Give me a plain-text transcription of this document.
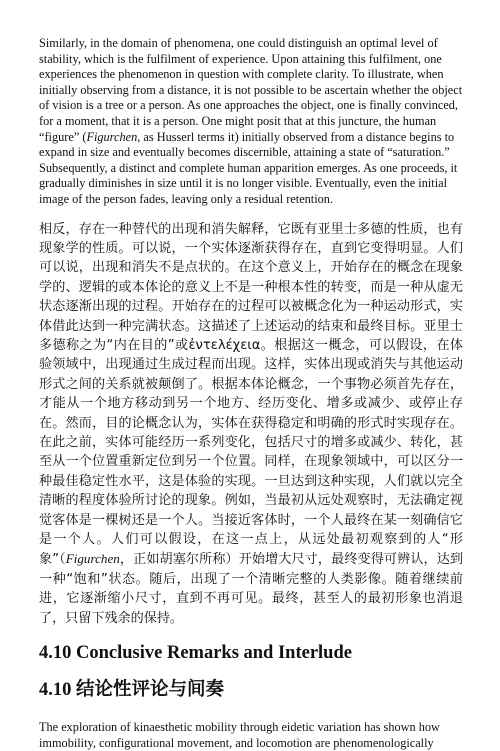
Similarly, in the domain of phenomena, one could distinguish an optimal level of stability, which is the fulfilment of experience. Upon attaining this fulfilment, one experiences the phenomenon in question with complete clarity. To illustrate, when initially observing from a distance, it is not possible to be ascertain whether the object of vision is a tree or a person. As one approaches the object, one is finally convinced, for a moment, that it is a person. One might posit that at this juncture, the human “figure” (Figurchen, as Husserl terms it) initially observed from a distance begins to expand in size and eventually becomes discernible, attaining a state of “saturation.” Subsequently, a distinct and complete human apparition emerges. As one proceeds, it gradually diminishes in size until it is no longer visible. Eventually, even the initial image of the person fades, leaving only a residual retention.

相反，存在一种替代的出现和消失解释，它既有亚里士多德的性质，也有现象学的性质。可以说，一个实体逐渐获得存在，直到它变得明显。人们可以说，出现和消失不是点状的。在这个意义上，开始存在的概念在现象学的、逻辑的或本体论的意义上不是一种根本性的转变，而是一种从虚无状态逐渐出现的过程。开始存在的过程可以被概念化为一种运动形式，实体借此达到一种完满状态。这描述了上述运动的结束和最终目标。亚里士多德称之为“内在目的”或ἐντελέχεια。根据这一概念，可以假设，在体验领域中，出现通过生成过程而出现。这样，实体出现或消失与其他运动形式之间的关系就被颠倒了。根据本体论概念，一个事物必须首先存在，才能从一个地方移动到另一个地方、经历变化、增多或减少、或停止存在。然而，目的论概念认为，实体在获得稳定和明确的形式时实现存在。在此之前，实体可能经历一系列变化，包括尺寸的增多或减少、转化，甚至从一个位置重新定位到另一个位置。同样，在现象领域中，可以区分一种最佳稳定性水平，这是体验的实现。一旦达到这种实现，人们就以完全清晰的程度体验所讨论的现象。例如，当最初从远处观察时，无法确定视觉客体是一棵树还是一个人。当接近客体时，一个人最终在某一刻确信它是一个人。人们可以假设，在这一点上，从远处最初观察到的人“形象”（Figurchen，正如胡塞尔所称）开始增大尺寸，最终变得可辨认，达到一种“饱和”状态。随后，出现了一个清晰完整的人类影像。随着继续前进，它逐渐缩小尺寸，直到不再可见。最终，甚至人的最初形象也消退了，只留下残余的保持。

4.10 Conclusive Remarks and Interlude
4.10 结论性评论与间奏

The exploration of kinaesthetic mobility through eidetic variation has shown how immobility, configurational movement, and locomotion are phenomenologically
